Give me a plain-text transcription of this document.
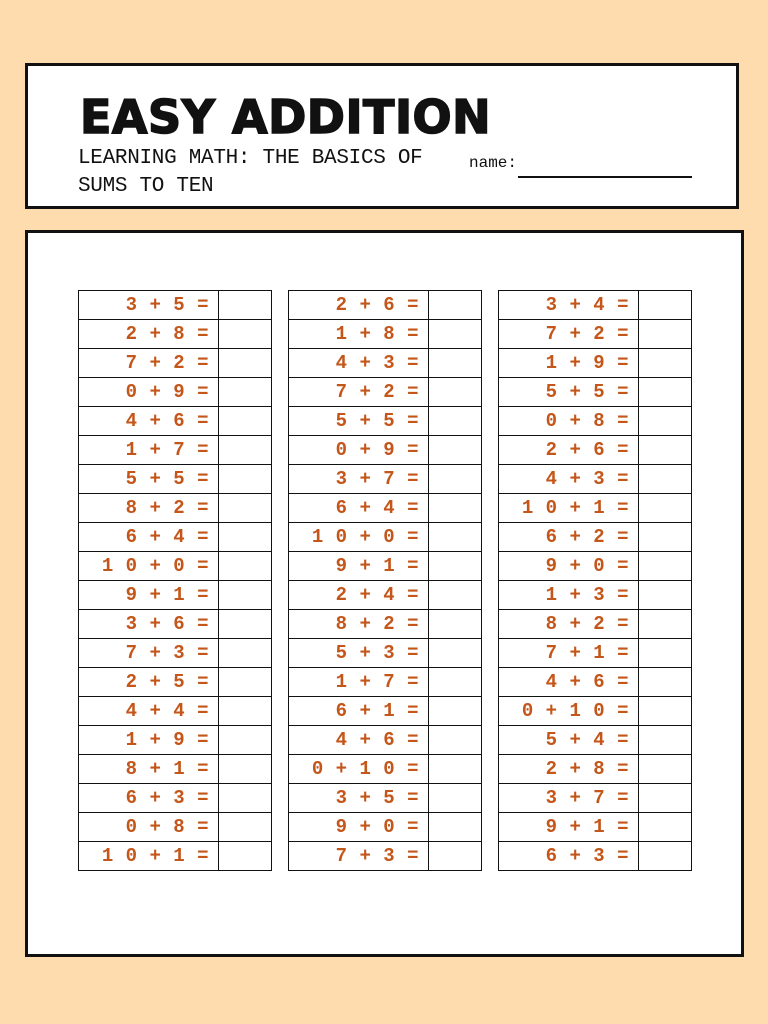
EASY ADDITION

LEARNING MATH: THE BASICS OF SUMS TO TEN

name:
3 + 5 =	
2 + 8 =	
7 + 2 =	
0 + 9 =	
4 + 6 =	
1 + 7 =	
5 + 5 =	
8 + 2 =	
6 + 4 =	
1 0 + 0 =	
9 + 1 =	
3 + 6 =	
7 + 3 =	
2 + 5 =	
4 + 4 =	
1 + 9 =	
8 + 1 =	
6 + 3 =	
0 + 8 =	
1 0 + 1 =	
2 + 6 =	
1 + 8 =	
4 + 3 =	
7 + 2 =	
5 + 5 =	
0 + 9 =	
3 + 7 =	
6 + 4 =	
1 0 + 0 =	
9 + 1 =	
2 + 4 =	
8 + 2 =	
5 + 3 =	
1 + 7 =	
6 + 1 =	
4 + 6 =	
0 + 1 0 =	
3 + 5 =	
9 + 0 =	
7 + 3 =	
3 + 4 =	
7 + 2 =	
1 + 9 =	
5 + 5 =	
0 + 8 =	
2 + 6 =	
4 + 3 =	
1 0 + 1 =	
6 + 2 =	
9 + 0 =	
1 + 3 =	
8 + 2 =	
7 + 1 =	
4 + 6 =	
0 + 1 0 =	
5 + 4 =	
2 + 8 =	
3 + 7 =	
9 + 1 =	
6 + 3 =	
